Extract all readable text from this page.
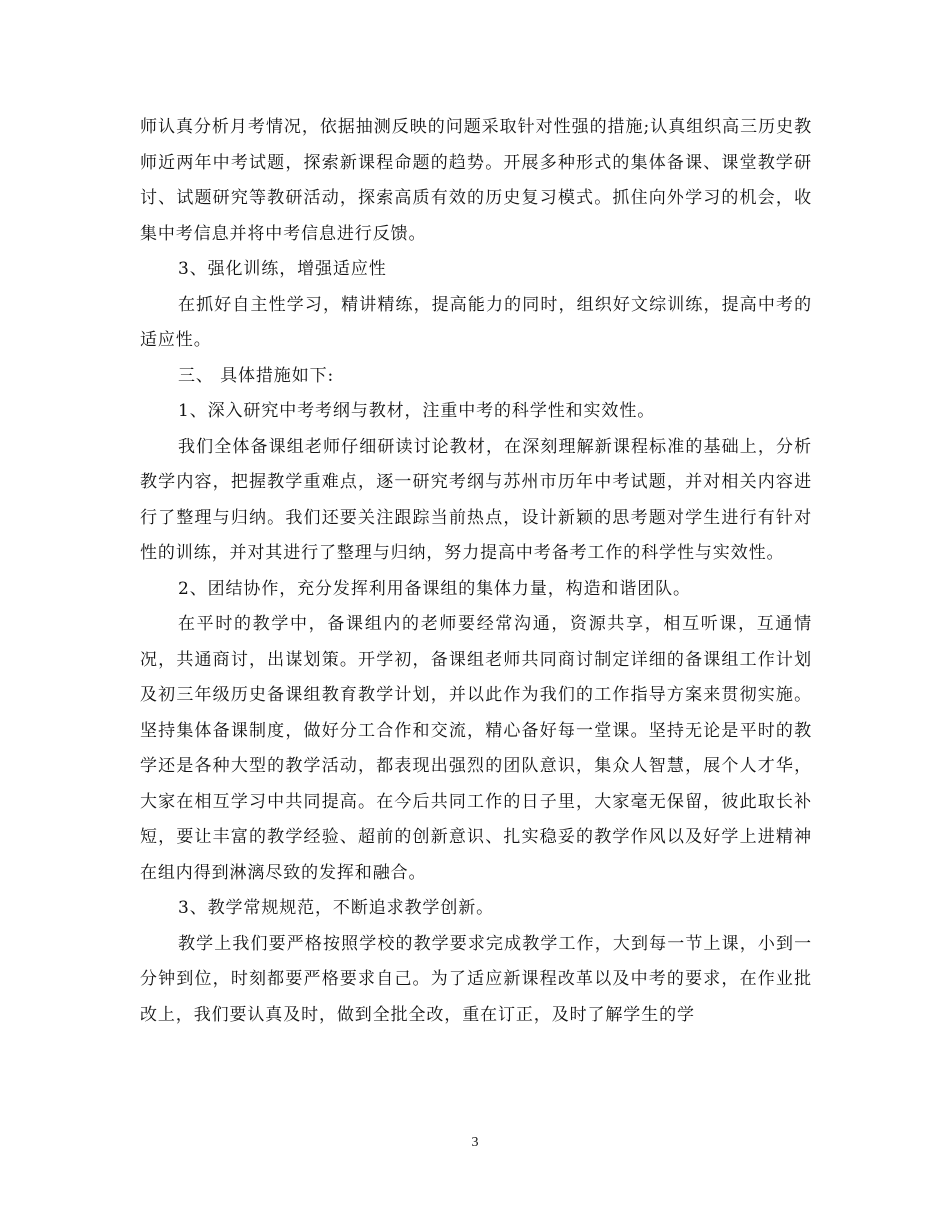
师认真分析月考情况，依据抽测反映的问题采取针对性强的措施;认真组织高三历史教师近两年中考试题，探索新课程命题的趋势。开展多种形式的集体备课、课堂教学研讨、试题研究等教研活动，探索高质有效的历史复习模式。抓住向外学习的机会，收集中考信息并将中考信息进行反馈。

3、强化训练，增强适应性

在抓好自主性学习，精讲精练，提高能力的同时，组织好文综训练，提高中考的适应性。

三、 具体措施如下:

1、深入研究中考考纲与教材，注重中考的科学性和实效性。

我们全体备课组老师仔细研读讨论教材，在深刻理解新课程标准的基础上，分析教学内容，把握教学重难点，逐一研究考纲与苏州市历年中考试题，并对相关内容进行了整理与归纳。我们还要关注跟踪当前热点，设计新颖的思考题对学生进行有针对性的训练，并对其进行了整理与归纳，努力提高中考备考工作的科学性与实效性。

2、团结协作，充分发挥利用备课组的集体力量，构造和谐团队。

在平时的教学中，备课组内的老师要经常沟通，资源共享，相互听课，互通情况，共通商讨，出谋划策。开学初，备课组老师共同商讨制定详细的备课组工作计划及初三年级历史备课组教育教学计划，并以此作为我们的工作指导方案来贯彻实施。坚持集体备课制度，做好分工合作和交流，精心备好每一堂课。坚持无论是平时的教学还是各种大型的教学活动，都表现出强烈的团队意识，集众人智慧，展个人才华，大家在相互学习中共同提高。在今后共同工作的日子里，大家毫无保留，彼此取长补短，要让丰富的教学经验、超前的创新意识、扎实稳妥的教学作风以及好学上进精神在组内得到淋漓尽致的发挥和融合。

3、教学常规规范，不断追求教学创新。

教学上我们要严格按照学校的教学要求完成教学工作，大到每一节上课，小到一分钟到位，时刻都要严格要求自己。为了适应新课程改革以及中考的要求，在作业批改上，我们要认真及时，做到全批全改，重在订正，及时了解学生的学

3
